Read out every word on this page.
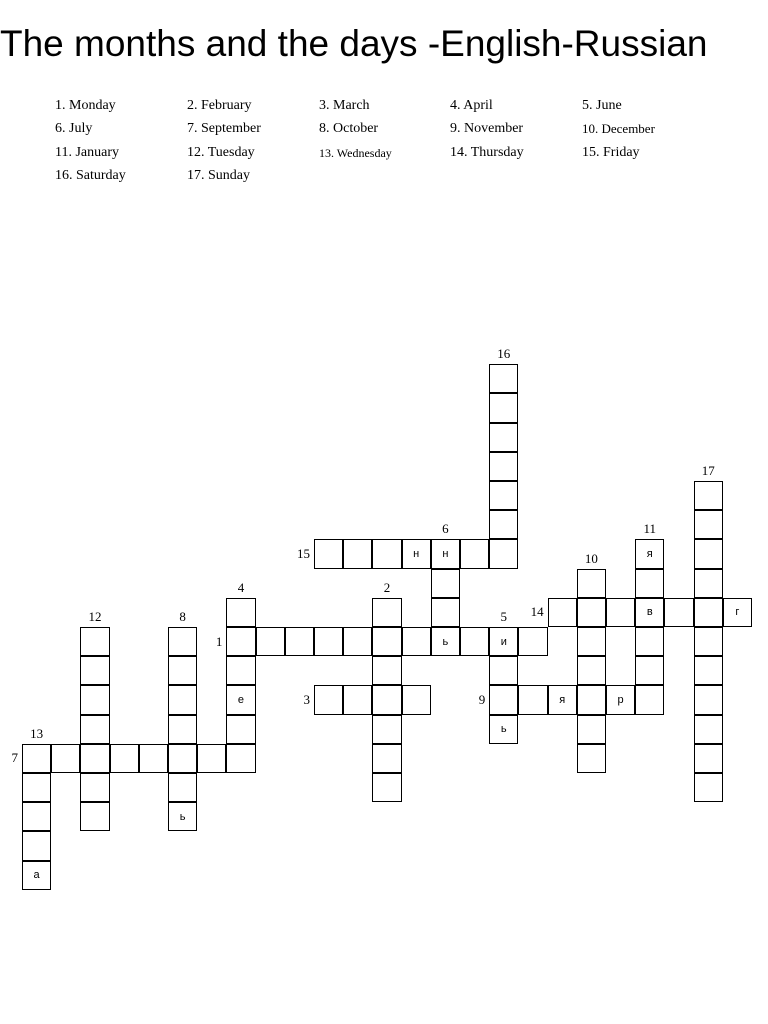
The months and the days -English-Russian
1. Monday	2. February	3. March	4. April	5. June
6. July	7. September	8. October	9. November	10. December
11. January	12. Tuesday	13. Wednesday	14. Thursday	15. Friday
16. Saturday	17. Sunday
ь	и
е
ь
н
ь
я	р
я
в
а
г
н
1
2
3
4
5
6
7
8
9
10
11
12
13
14
15
16
17
